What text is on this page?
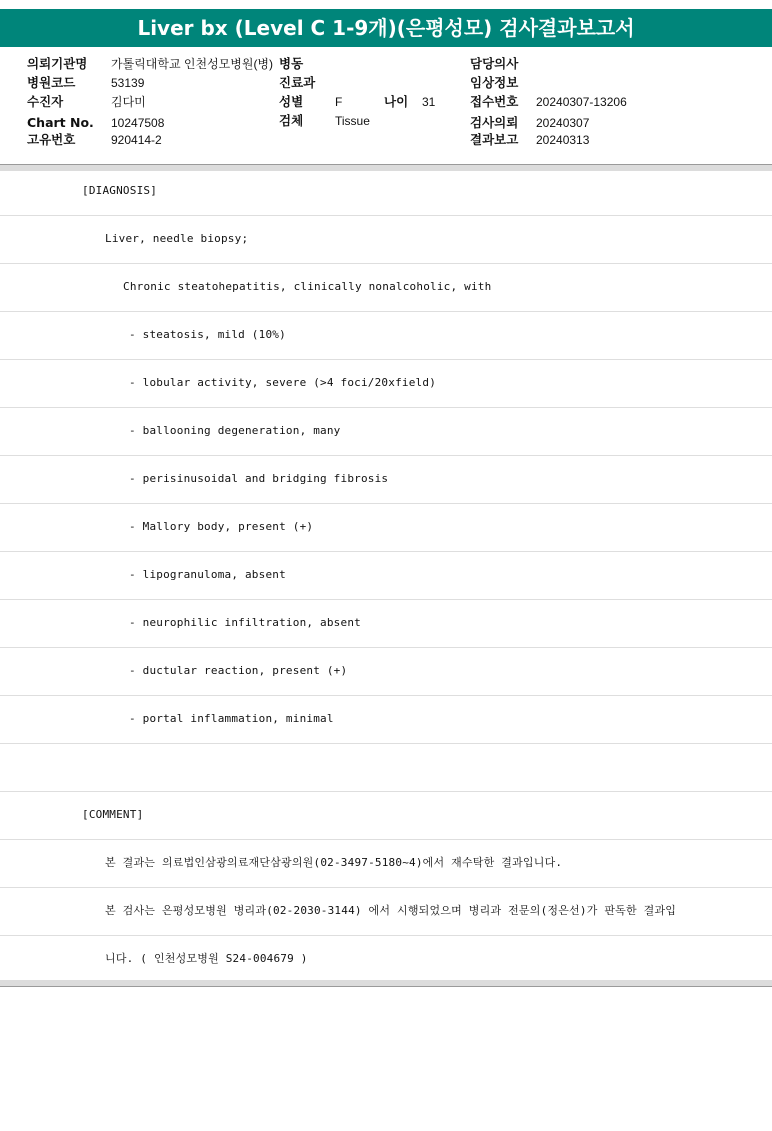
Liver bx (Level C 1-9개)(은평성모) 검사결과보고서
의뢰기관명 가톨릭대학교 인천성모병원(병) 병동	담당의사
병원코드	53139	진료과	임상정보
수진자	김다미	성별	F	나이 31	접수번호 20240307-13206
Chart No. 10247508	검체	Tissue	검사의뢰 20240307
고유번호	920414-2	결과보고 20240313
[DIAGNOSIS]
Liver, needle biopsy;
Chronic steatohepatitis, clinically nonalcoholic, with
- steatosis, mild (10%)
- lobular activity, severe (>4 foci/20xfield)
- ballooning degeneration, many
- perisinusoidal and bridging fibrosis
- Mallory body, present (+)
- lipogranuloma, absent
- neurophilic infiltration, absent
- ductular reaction, present (+)
- portal inflammation, minimal
[COMMENT]
본 결과는 의료법인삼광의료재단삼광의원(02-3497-5180~4)에서 재수탁한 결과입니다.
본 검사는 은평성모병원 병리과(02-2030-3144) 에서 시행되었으며 병리과 전문의(정은선)가 판독한 결과입
니다. ( 인천성모병원 S24-004679 )
